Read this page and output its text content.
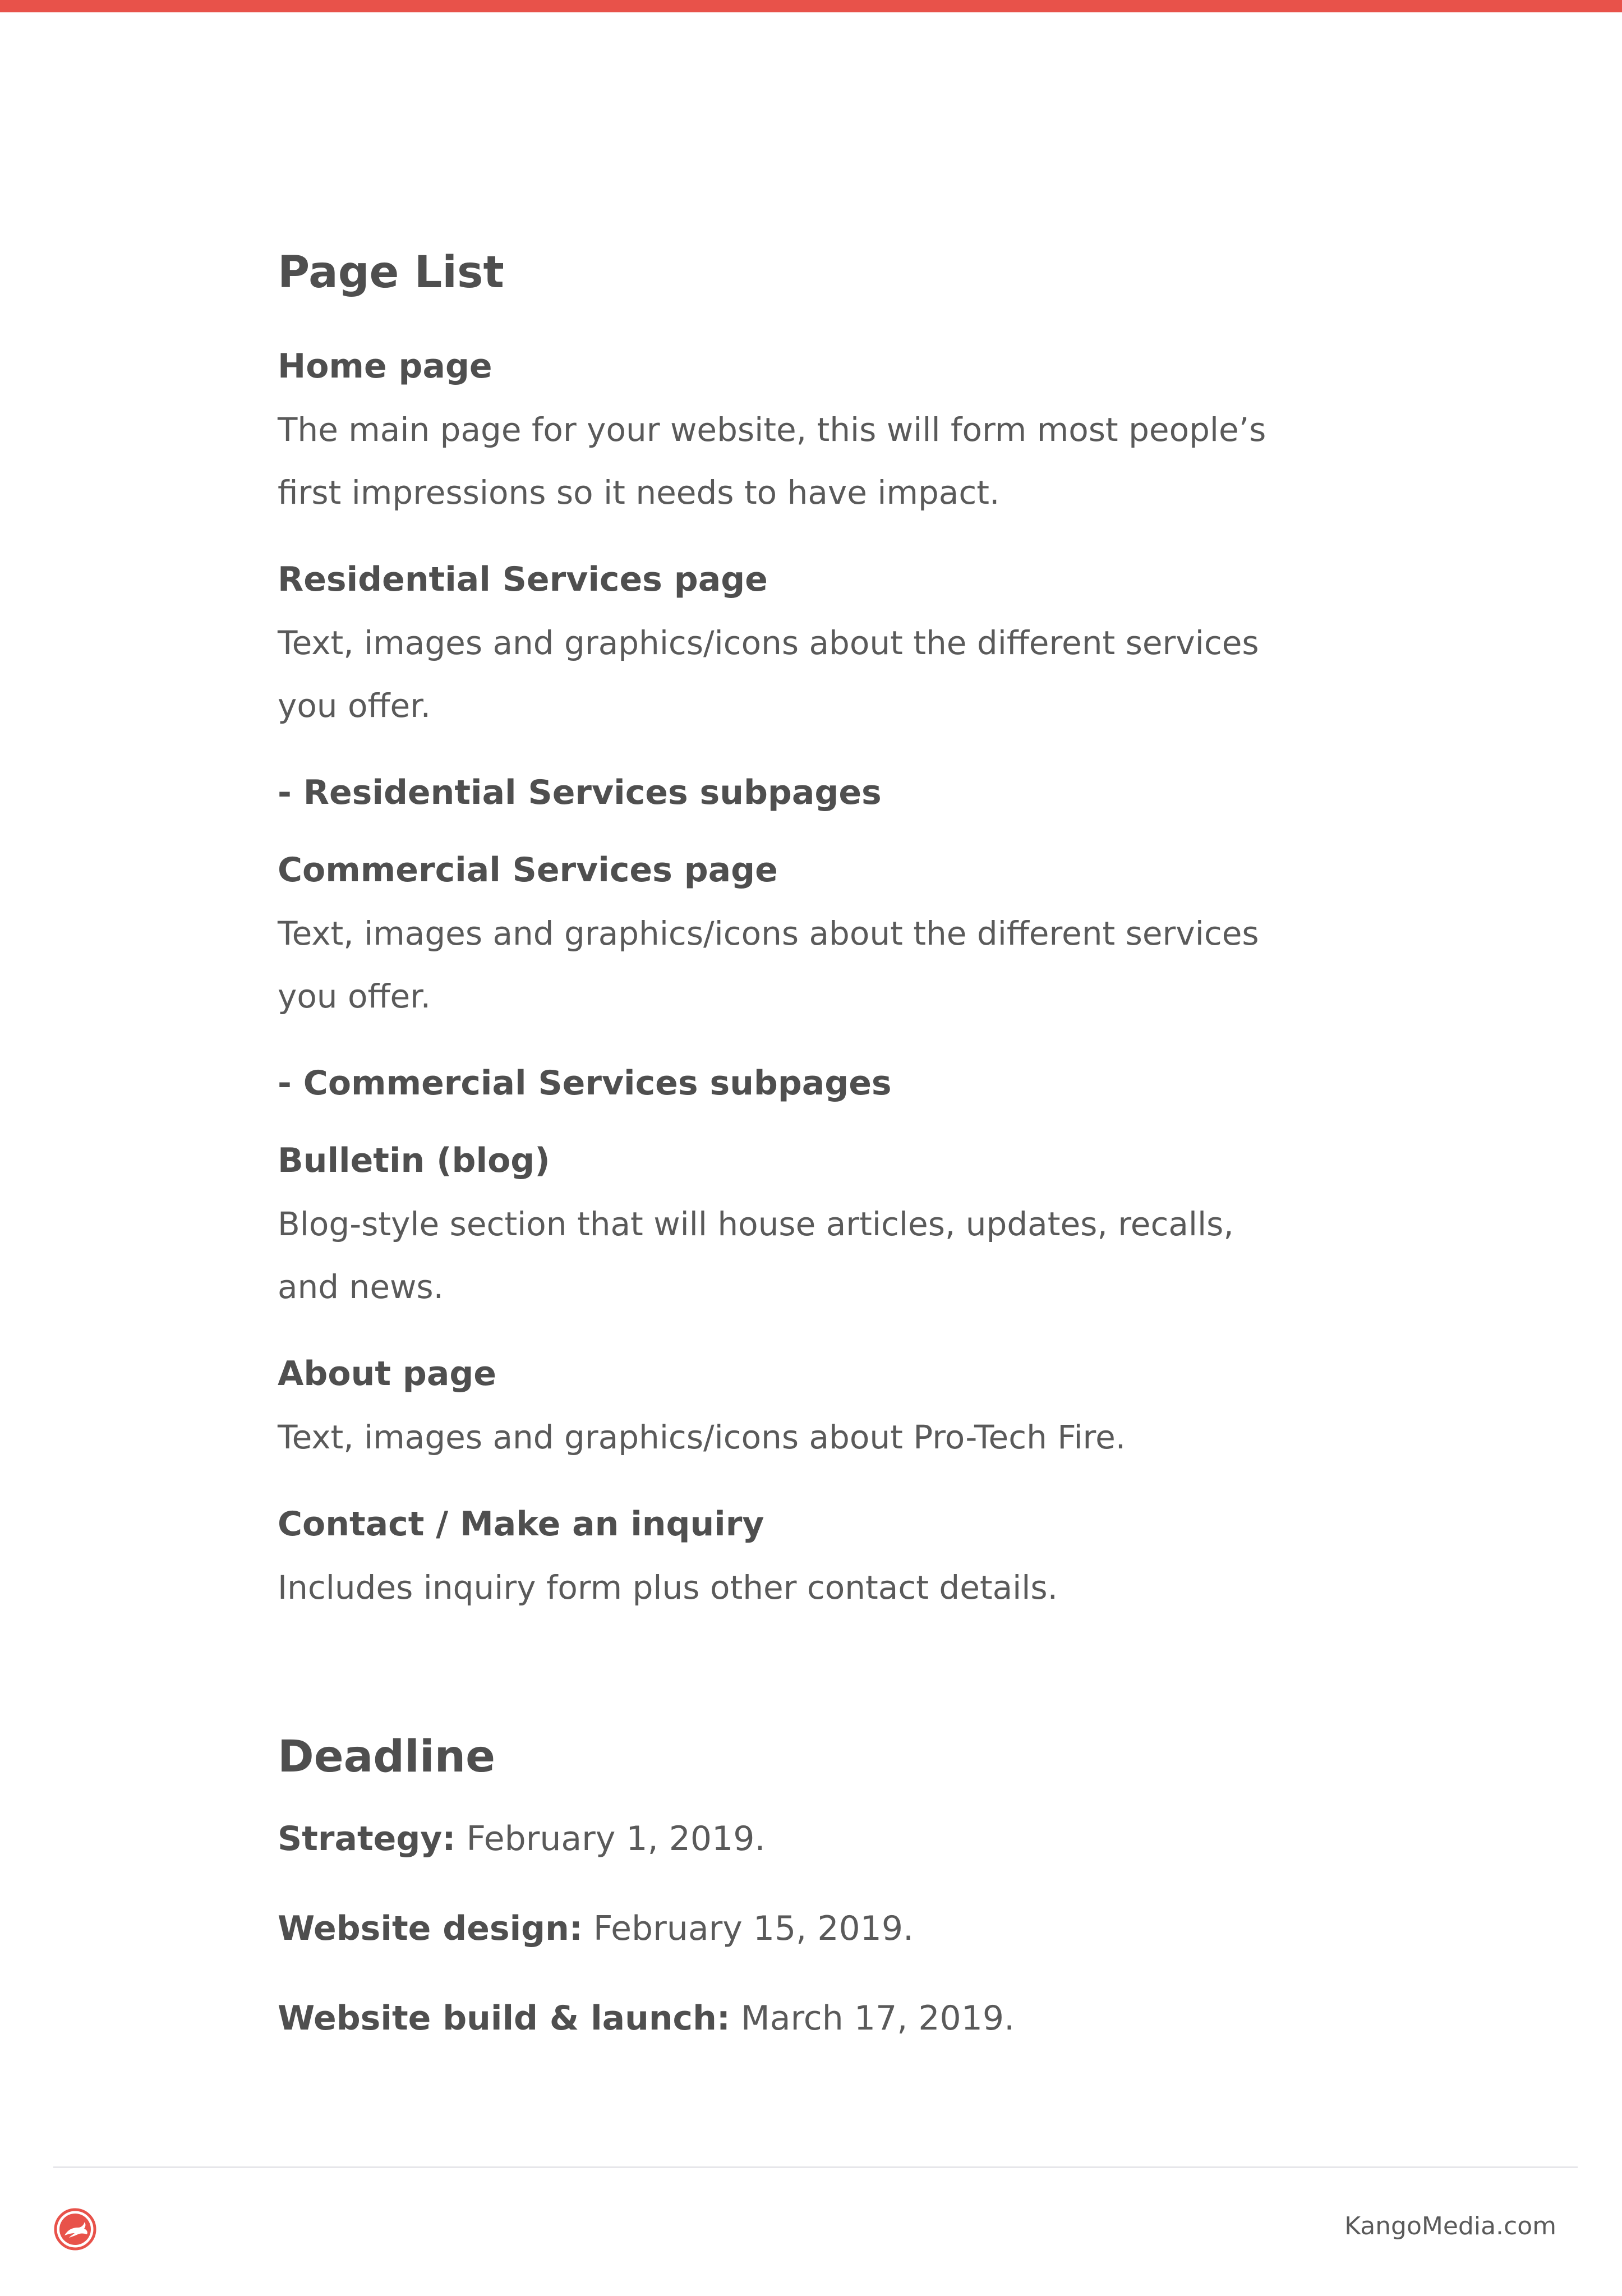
Page List
Home page

The main page for your website, this will form most people’s first impressions so it needs to have impact.

Residential Services page

Text, images and graphics/icons about the different services you offer.

- Residential Services subpages
Commercial Services page

Text, images and graphics/icons about the different services you offer.

- Commercial Services subpages
Bulletin (blog)

Blog-style section that will house articles, updates, recalls, and news.

About page

Text, images and graphics/icons about Pro-Tech Fire.

Contact / Make an inquiry

Includes inquiry form plus other contact details.

Deadline
Strategy: February 1, 2019.
Website design: February 15, 2019.
Website build & launch: March 17, 2019.
KangoMedia.com
